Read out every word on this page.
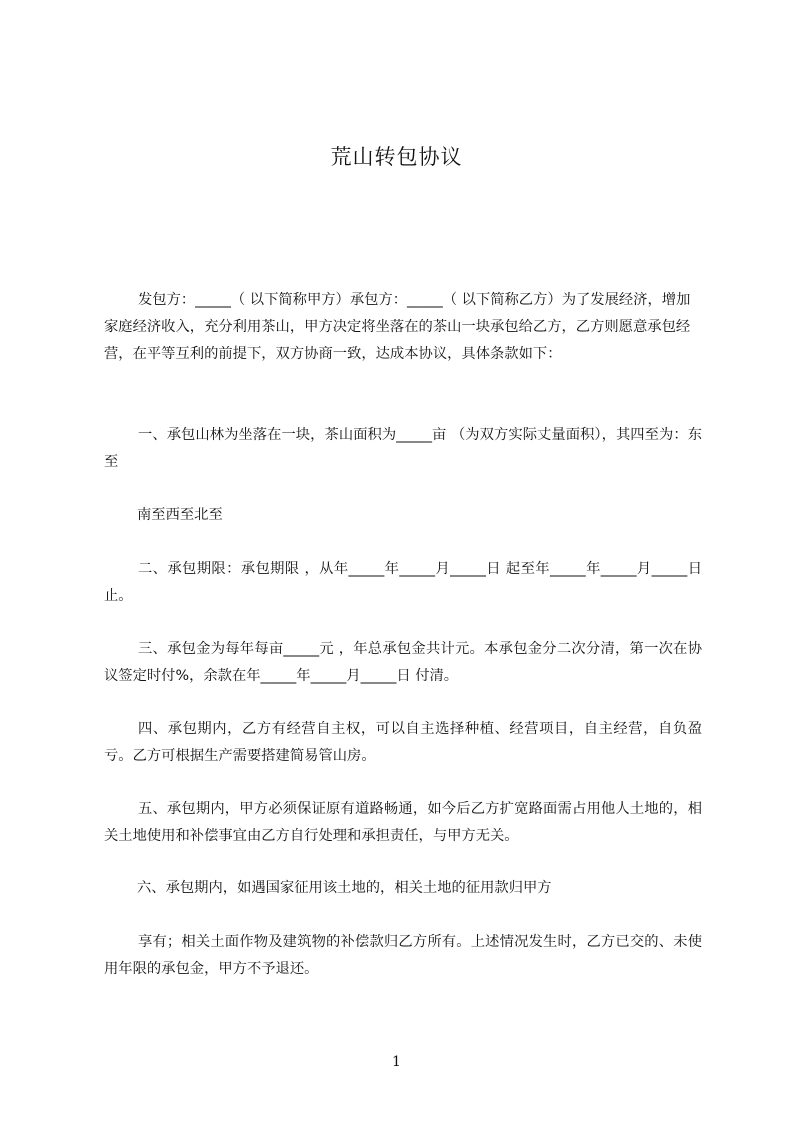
荒山转包协议

发包方：_____（ 以下简称甲方）承包方：_____（ 以下简称乙方）为了发展经济，增加家庭经济收入，充分利用茶山，甲方决定将坐落在的茶山一块承包给乙方，乙方则愿意承包经营，在平等互利的前提下，双方协商一致，达成本协议，具体条款如下：

一、承包山林为坐落在一块，茶山面积为_____亩 （为双方实际丈量面积），其四至为：东至

南至西至北至

二、承包期限：承包期限 ，从年_____年_____月_____日 起至年_____年_____月_____日 止。

三、承包金为每年每亩_____元 ，年总承包金共计元。本承包金分二次分清，第一次在协议签定时付%，余款在年_____年_____月_____日 付清。

四、承包期内，乙方有经营自主权，可以自主选择种植、经营项目，自主经营，自负盈亏。乙方可根据生产需要搭建简易管山房。

五、承包期内，甲方必须保证原有道路畅通，如今后乙方扩宽路面需占用他人土地的，相关土地使用和补偿事宜由乙方自行处理和承担责任，与甲方无关。

六、承包期内，如遇国家征用该土地的，相关土地的征用款归甲方

享有；相关土面作物及建筑物的补偿款归乙方所有。上述情况发生时，乙方已交的、未使用年限的承包金，甲方不予退还。

1
